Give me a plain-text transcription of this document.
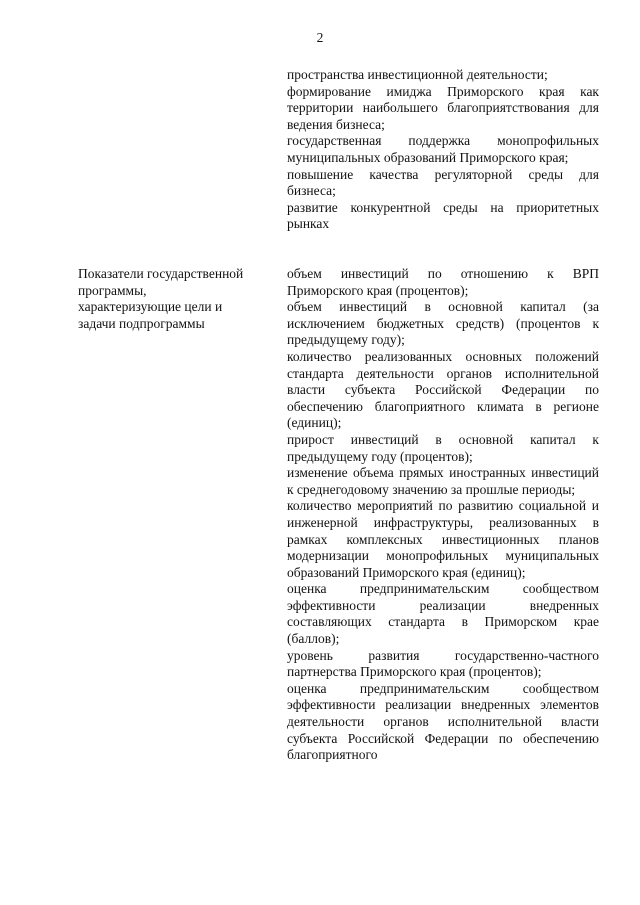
2

пространства инвестиционной деятельности;

формирование имиджа Приморского края как территории наибольшего благоприятствования для ведения бизнеса;

государственная поддержка монопрофильных муниципальных образований Приморского края;

повышение качества регуляторной среды для бизнеса;

развитие конкурентной среды на приоритетных рынках

Показатели государственной
программы,
характеризующие цели и
задачи подпрограммы

объем инвестиций по отношению к ВРП Приморского края (процентов);

объем инвестиций в основной капитал (за исключением бюджетных средств) (процентов к предыдущему году);

количество реализованных основных положений стандарта деятельности органов исполнительной власти субъекта Российской Федерации по обеспечению благоприятного климата в регионе (единиц);

прирост инвестиций в основной капитал к предыдущему году (процентов);

изменение объема прямых иностранных инвестиций к среднегодовому значению за прошлые периоды;

количество мероприятий по развитию социальной и инженерной инфраструктуры, реализованных в рамках комплексных инвестиционных планов модернизации монопрофильных муниципальных образований Приморского края (единиц);

оценка предпринимательским сообществом эффективности реализации внедренных составляющих стандарта в Приморском крае (баллов);

уровень развития государственно-частного партнерства Приморского края (процентов);

оценка предпринимательским сообществом эффективности реализации внедренных элементов деятельности органов исполнительной власти субъекта Российской Федерации по обеспечению благоприятного
